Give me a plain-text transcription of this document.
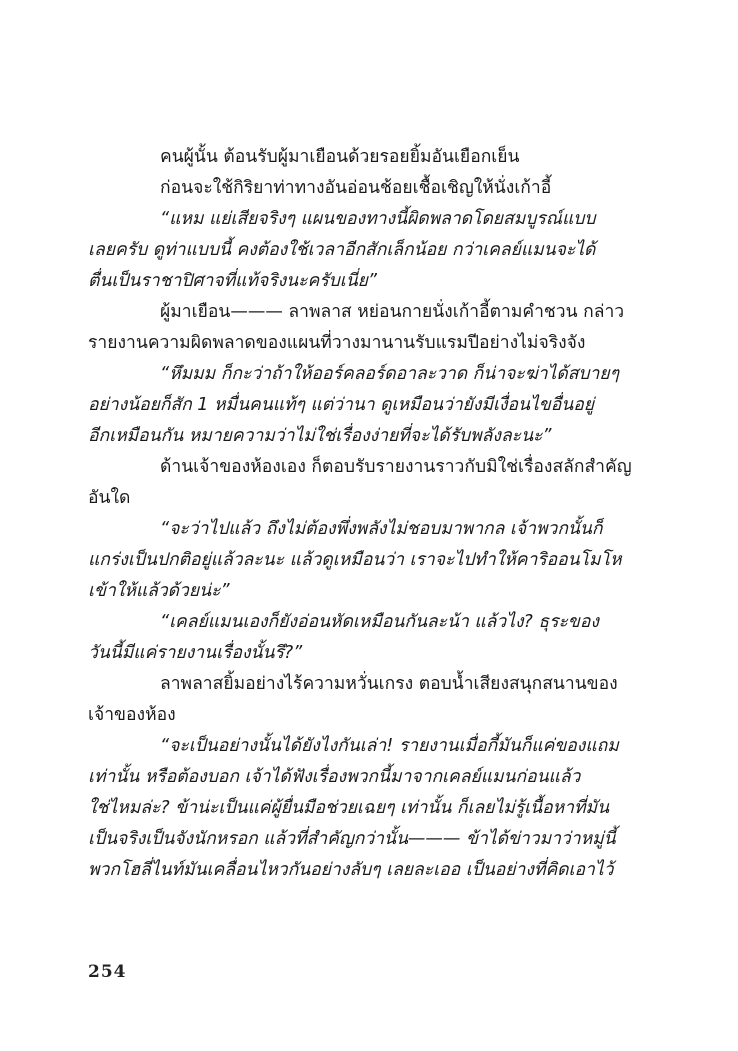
คนผู้นั้น ต้อนรับผู้มาเยือนด้วยรอยยิ้มอันเยือกเย็น
ก่อนจะใช้กิริยาท่าทางอันอ่อนช้อยเชื้อเชิญให้นั่งเก้าอี้
“แหม แย่เสียจริงๆ แผนของทางนี้ผิดพลาดโดยสมบูรณ์แบบ
เลยครับ ดูท่าแบบนี้ คงต้องใช้เวลาอีกสักเล็กน้อย กว่าเคลย์แมนจะได้
ตื่นเป็นราชาปิศาจที่แท้จริงนะครับเนี่ย”
ผู้มาเยือน——— ลาพลาส หย่อนกายนั่งเก้าอี้ตามคำชวน กล่าว
รายงานความผิดพลาดของแผนที่วางมานานรับแรมปีอย่างไม่จริงจัง
“หึมมม ก็กะว่าถ้าให้ออร์คลอร์ดอาละวาด ก็น่าจะฆ่าได้สบายๆ
อย่างน้อยก็สัก 1 หมื่นคนแท้ๆ แต่ว่านา ดูเหมือนว่ายังมีเงื่อนไขอื่นอยู่
อีกเหมือนกัน หมายความว่าไม่ใช่เรื่องง่ายที่จะได้รับพลังละนะ”
ด้านเจ้าของห้องเอง ก็ตอบรับรายงานราวกับมิใช่เรื่องสลักสำคัญ
อันใด
“จะว่าไปแล้ว ถึงไม่ต้องพึ่งพลังไม่ชอบมาพากล เจ้าพวกนั้นก็
แกร่งเป็นปกติอยู่แล้วละนะ แล้วดูเหมือนว่า เราจะไปทำให้คาริออนโมโห
เข้าให้แล้วด้วยน่ะ”
“เคลย์แมนเองก็ยังอ่อนหัดเหมือนกันละน้า แล้วไง? ธุระของ
วันนี้มีแค่รายงานเรื่องนั้นรึ?”
ลาพลาสยิ้มอย่างไร้ความหวั่นเกรง ตอบน้ำเสียงสนุกสนานของ
เจ้าของห้อง
“จะเป็นอย่างนั้นได้ยังไงกันเล่า! รายงานเมื่อกี้มันก็แค่ของแถม
เท่านั้น หรือต้องบอก เจ้าได้ฟังเรื่องพวกนี้มาจากเคลย์แมนก่อนแล้ว
ใช่ไหมล่ะ? ข้าน่ะเป็นแค่ผู้ยื่นมือช่วยเฉยๆ เท่านั้น ก็เลยไม่รู้เนื้อหาที่มัน
เป็นจริงเป็นจังนักหรอก แล้วที่สำคัญกว่านั้น——— ข้าได้ข่าวมาว่าหมู่นี้
พวกโฮลี่ไนท์มันเคลื่อนไหวกันอย่างลับๆ เลยละเออ เป็นอย่างที่คิดเอาไว้
254
